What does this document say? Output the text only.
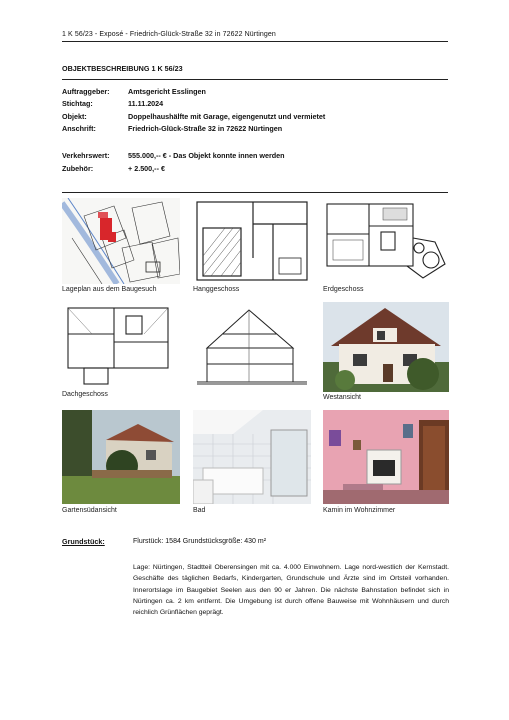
1 K 56/23 - Exposé - Friedrich-Glück-Straße 32 in 72622 Nürtingen
OBJEKTBESCHREIBUNG 1 K 56/23
Auftraggeber:	Amtsgericht Esslingen
Stichtag:	11.11.2024
Objekt:	Doppelhaushälfte mit Garage, eigengenutzt und vermietet
Anschrift:	Friedrich-Glück-Straße 32 in 72622 Nürtingen
Verkehrswert:	555.000,-- € - Das Objekt konnte innen werden
Zubehör:	+ 2.500,-- €
Lageplan aus dem Baugesuch	Hanggeschoss	Erdgeschoss
Dachgeschoss	Westansicht
Gartensüdansicht	Bad	Kamin im Wohnzimmer
Grundstück:	Flurstück: 1584 Grundstücksgröße: 430 m²

Lage: Nürtingen, Stadtteil Oberensingen mit ca. 4.000 Einwohnern. Lage nord-westlich der Kernstadt. Geschäfte des täglichen Bedarfs, Kindergarten, Grundschule und Ärzte sind im Ortsteil vorhanden. Innerortslage im Baugebiet Seelen aus den 90 er Jahren. Die nächste Bahnstation befindet sich in Nürtingen ca. 2 km entfernt. Die Umgebung ist durch offene Bauweise mit Wohnhäusern und durch reichlich Grünflächen geprägt.
